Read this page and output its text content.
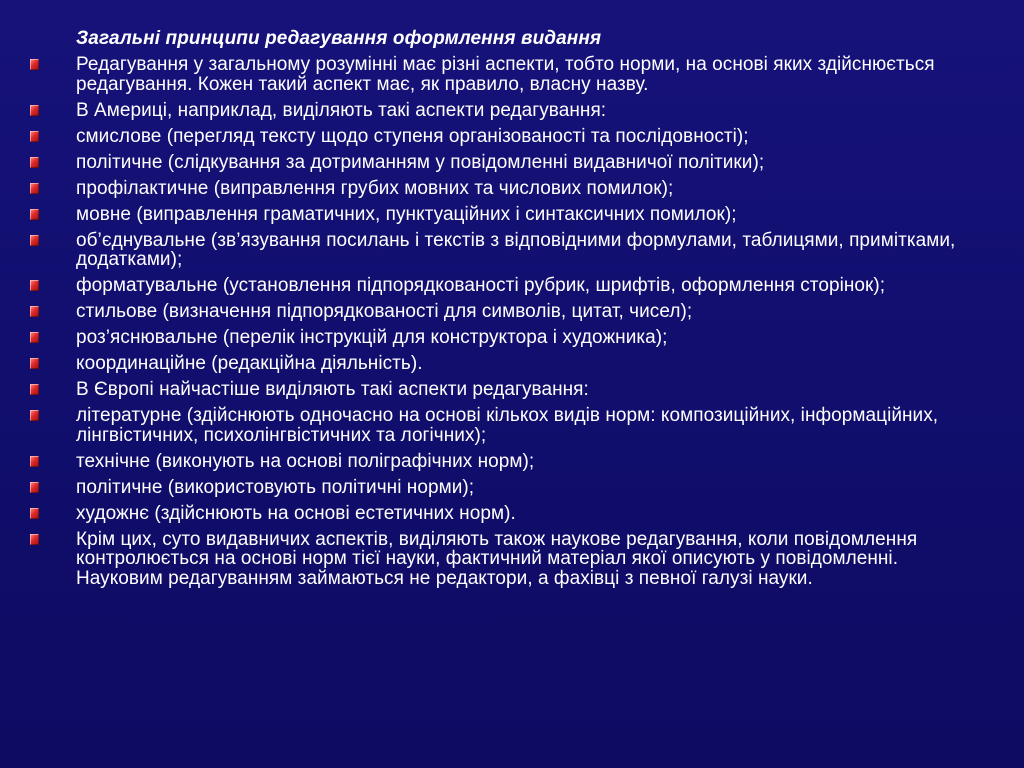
Загальні принципи редагування оформлення видання
Редагування у загальному розумінні має різні аспекти, тобто норми, на основі яких здійснюється редагування. Кожен такий аспект має, як правило, власну назву.
В Америці, наприклад, виділяють такі аспекти редагування:
смислове (перегляд тексту щодо ступеня організованості та послідовності);
політичне (слідкування за дотриманням у повідомленні видавничої політики);
профілактичне (виправлення грубих мовних та числових помилок);
мовне (виправлення граматичних, пунктуаційних і синтаксичних помилок);
об’єднувальне (зв’язування посилань і текстів з відповідними формулами, таблицями, примітками, додатками);
форматувальне (установлення підпорядкованості рубрик, шрифтів, оформлення сторінок);
стильове (визначення підпорядкованості для символів, цитат, чисел);
роз’яснювальне (перелік інструкцій для конструктора і художника);
координаційне (редакційна діяльність).
В Європі найчастіше виділяють такі аспекти редагування:
літературне (здійснюють одночасно на основі кількох видів норм: композиційних, інформаційних, лінгвістичних, психолінгвістичних та логічних);
технічне (виконують на основі поліграфічних норм);
політичне (використовують політичні норми);
художнє (здійснюють на основі естетичних норм).
Крім цих, суто видавничих аспектів, виділяють також наукове редагування, коли повідомлення контролюється на основі норм тієї науки, фактичний матеріал якої описують у повідомленні. Науковим редагуванням займаються не редактори, а фахівці з певної галузі науки.
